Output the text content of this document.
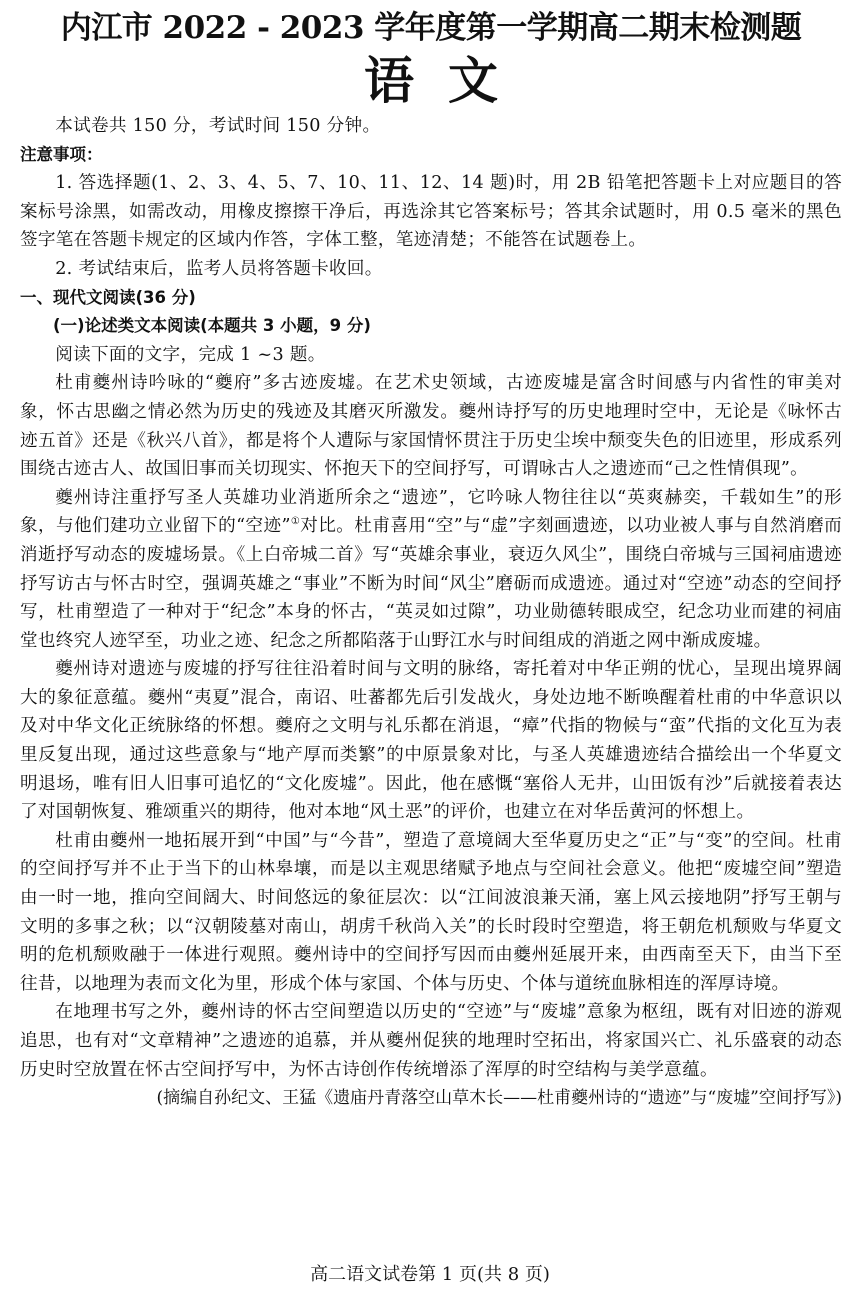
内江市 2022 - 2023 学年度第一学期高二期末检测题
语文

本试卷共 150 分，考试时间 150 分钟。

注意事项：

1. 答选择题(1、2、3、4、5、7、10、11、12、14 题)时，用 2B 铅笔把答题卡上对应题目的答案标号涂黑，如需改动，用橡皮擦擦干净后，再选涂其它答案标号；答其余试题时，用 0.5 毫米的黑色签字笔在答题卡规定的区域内作答，字体工整，笔迹清楚；不能答在试题卷上。

2. 考试结束后，监考人员将答题卡收回。

一、现代文阅读(36 分)

(一)论述类文本阅读(本题共 3 小题，9 分)

阅读下面的文字，完成 1 ~3 题。

杜甫夔州诗吟咏的“夔府”多古迹废墟。在艺术史领域，古迹废墟是富含时间感与内省性的审美对象，怀古思幽之情必然为历史的残迹及其磨灭所激发。夔州诗抒写的历史地理时空中，无论是《咏怀古迹五首》还是《秋兴八首》，都是将个人遭际与家国情怀贯注于历史尘埃中颓变失色的旧迹里，形成系列围绕古迹古人、故国旧事而关切现实、怀抱天下的空间抒写，可谓咏古人之遗迹而“己之性情俱现”。

夔州诗注重抒写圣人英雄功业消逝所余之“遗迹”，它吟咏人物往往以“英爽赫奕，千载如生”的形象，与他们建功立业留下的“空迹”①对比。杜甫喜用“空”与“虚”字刻画遗迹，以功业被人事与自然消磨而消逝抒写动态的废墟场景。《上白帝城二首》写“英雄余事业，衰迈久风尘”，围绕白帝城与三国祠庙遗迹抒写访古与怀古时空，强调英雄之“事业”不断为时间“风尘”磨砺而成遗迹。通过对“空迹”动态的空间抒写，杜甫塑造了一种对于“纪念”本身的怀古，“英灵如过隙”，功业勋德转眼成空，纪念功业而建的祠庙堂也终究人迹罕至，功业之迹、纪念之所都陷落于山野江水与时间组成的消逝之网中渐成废墟。

夔州诗对遗迹与废墟的抒写往往沿着时间与文明的脉络，寄托着对中华正朔的忧心，呈现出境界阔大的象征意蕴。夔州“夷夏”混合，南诏、吐蕃都先后引发战火，身处边地不断唤醒着杜甫的中华意识以及对中华文化正统脉络的怀想。夔府之文明与礼乐都在消退，“瘴”代指的物候与“蛮”代指的文化互为表里反复出现，通过这些意象与“地产厚而类繁”的中原景象对比，与圣人英雄遗迹结合描绘出一个华夏文明退场，唯有旧人旧事可追忆的“文化废墟”。因此，他在感慨“塞俗人无井，山田饭有沙”后就接着表达了对国朝恢复、雅颂重兴的期待，他对本地“风土恶”的评价，也建立在对华岳黄河的怀想上。

杜甫由夔州一地拓展开到“中国”与“今昔”，塑造了意境阔大至华夏历史之“正”与“变”的空间。杜甫的空间抒写并不止于当下的山林皋壤，而是以主观思绪赋予地点与空间社会意义。他把“废墟空间”塑造由一时一地，推向空间阔大、时间悠远的象征层次：以“江间波浪兼天涌，塞上风云接地阴”抒写王朝与文明的多事之秋；以“汉朝陵墓对南山，胡虏千秋尚入关”的长时段时空塑造，将王朝危机颓败与华夏文明的危机颓败融于一体进行观照。夔州诗中的空间抒写因而由夔州延展开来，由西南至天下，由当下至往昔，以地理为表而文化为里，形成个体与家国、个体与历史、个体与道统血脉相连的浑厚诗境。

在地理书写之外，夔州诗的怀古空间塑造以历史的“空迹”与“废墟”意象为枢纽，既有对旧迹的游观追思，也有对“文章精神”之遗迹的追慕，并从夔州促狭的地理时空拓出，将家国兴亡、礼乐盛衰的动态历史时空放置在怀古空间抒写中，为怀古诗创作传统增添了浑厚的时空结构与美学意蕴。

(摘编自孙纪文、王猛《遗庙丹青落空山草木长——杜甫夔州诗的“遗迹”与“废墟”空间抒写》)

高二语文试卷第 1 页(共 8 页)
